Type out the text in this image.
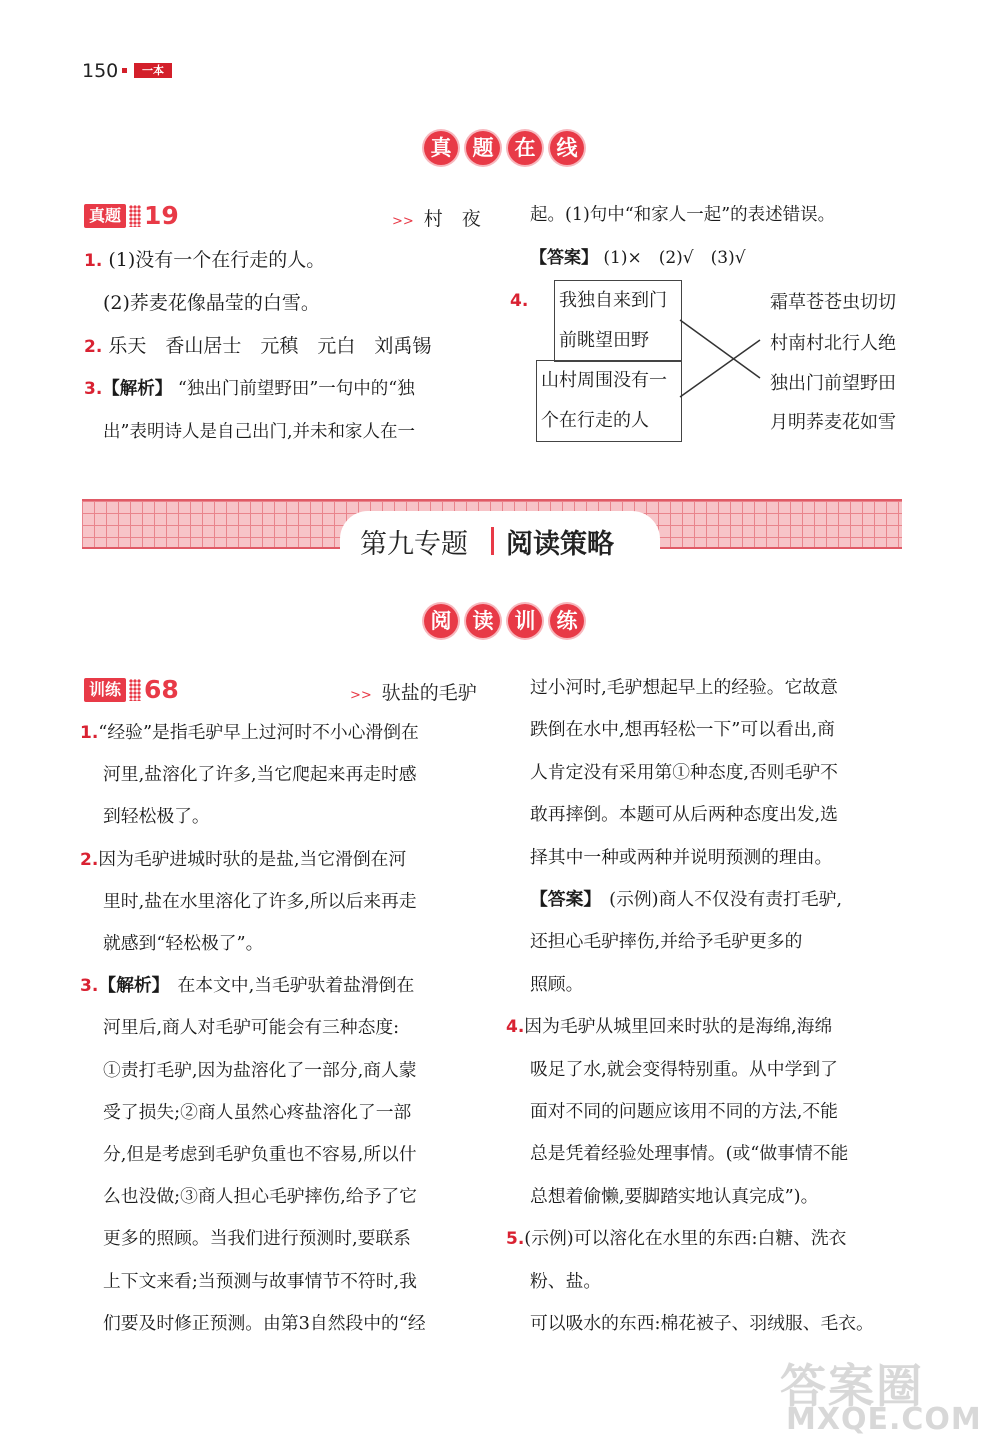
150	一本
真	题	在	线
真题 19	>> 村　夜
1. (1)没有一个在行走的人。
(2)荞麦花像晶莹的白雪。
2. 乐天　香山居士　元稹　元白　刘禹锡
3.【解析】 “独出门前望野田”一句中的“独
出”表明诗人是自己出门,并未和家人在一
起。(1)句中“和家人一起”的表述错误。
【答案】 (1)×　(2)√　(3)√
4. 我独自来到门
前眺望田野
山村周围没有一
个在行走的人
霜草苍苍虫切切
村南村北行人绝
独出门前望野田
月明荞麦花如雪
第九专题 阅读策略
阅	读	训	练
训练 68	>> 驮盐的毛驴
1.“经验”是指毛驴早上过河时不小心滑倒在
河里,盐溶化了许多,当它爬起来再走时感
到轻松极了。
2.因为毛驴进城时驮的是盐,当它滑倒在河
里时,盐在水里溶化了许多,所以后来再走
就感到“轻松极了”。
3.【解析】 在本文中,当毛驴驮着盐滑倒在
河里后,商人对毛驴可能会有三种态度:
①责打毛驴,因为盐溶化了一部分,商人蒙
受了损失;②商人虽然心疼盐溶化了一部
分,但是考虑到毛驴负重也不容易,所以什
么也没做;③商人担心毛驴摔伤,给予了它
更多的照顾。当我们进行预测时,要联系
上下文来看;当预测与故事情节不符时,我
们要及时修正预测。由第3自然段中的“经
过小河时,毛驴想起早上的经验。它故意
跌倒在水中,想再轻松一下”可以看出,商
人肯定没有采用第①种态度,否则毛驴不
敢再摔倒。本题可从后两种态度出发,选
择其中一种或两种并说明预测的理由。
【答案】 (示例)商人不仅没有责打毛驴,
还担心毛驴摔伤,并给予毛驴更多的
照顾。
4.因为毛驴从城里回来时驮的是海绵,海绵
吸足了水,就会变得特别重。从中学到了
面对不同的问题应该用不同的方法,不能
总是凭着经验处理事情。(或“做事情不能
总想着偷懒,要脚踏实地认真完成”)。
5.(示例)可以溶化在水里的东西:白糖、洗衣
粉、盐。
可以吸水的东西:棉花被子、羽绒服、毛衣。
答案圈
MXQE.COM
